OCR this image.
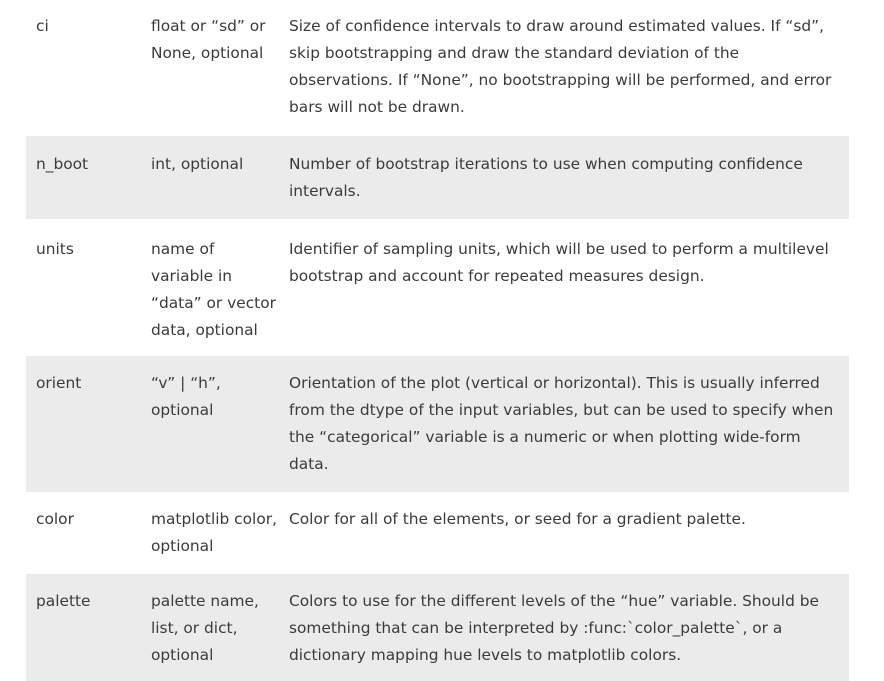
ci	float or “sd” or None, optional	Size of confidence intervals to draw around estimated values. If “sd”, skip bootstrapping and draw the standard deviation of the observations. If “None”, no bootstrapping will be performed, and error bars will not be drawn.

n_boot	int, optional	Number of bootstrap iterations to use when computing confidence intervals.

units	name of variable in “data” or vector data, optional	Identifier of sampling units, which will be used to perform a multilevel bootstrap and account for repeated measures design.

orient	“v” | “h”, optional	Orientation of the plot (vertical or horizontal). This is usually inferred from the dtype of the input variables, but can be used to specify when the “categorical” variable is a numeric or when plotting wide-form data.

color	matplotlib color, optional	Color for all of the elements, or seed for a gradient palette.

palette	palette name, list, or dict, optional	Colors to use for the different levels of the “hue” variable. Should be something that can be interpreted by :func:`color_palette`, or a dictionary mapping hue levels to matplotlib colors.
